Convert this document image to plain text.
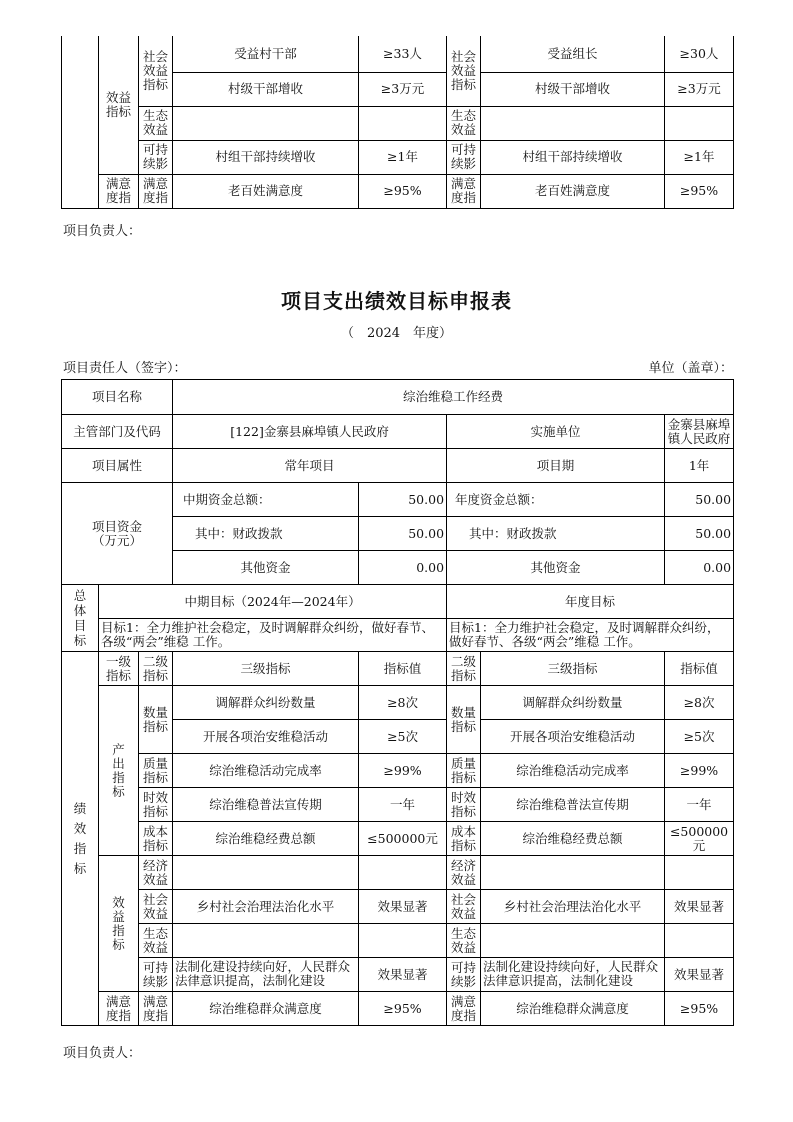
	效益指标	社会效益指标	受益村干部	≥33人	社会效益指标	受益组长	≥30人
			村级干部增收	≥3万元		村级干部增收	≥3万元
		生态效益			生态效益		
		可持续影	村组干部持续增收	≥1年	可持续影	村组干部持续增收	≥1年
	满意度指	满意度指	老百姓满意度	≥95%	满意度指	老百姓满意度	≥95%
项目负责人：
项目支出绩效目标申报表
（　2024　年度）
项目责任人（签字）：	单位（盖章）：
项目名称			综治维稳工作经费				
主管部门及代码			[122]金寨县麻埠镇人民政府		实施单位		金寨县麻埠镇人民政府
项目属性			常年项目		项目期		1年
项目资金（万元）			中期资金总额：	50.00	年度资金总额：		50.00
			其中：财政拨款	50.00	其中：财政拨款		50.00
			其他资金	0.00	其他资金		0.00
总体目标	中期目标（2024年—2024年）				年度目标		
	目标1：全力维护社会稳定，及时调解群众纠纷，做好春节、各级“两会”维稳 工作。				目标1：全力维护社会稳定，及时调解群众纠纷，做好春节、各级“两会”维稳 工作。		
绩效指标	一级指标	二级指标	三级指标	指标值	二级指标	三级指标	指标值
	产出指标	数量指标	调解群众纠纷数量	≥8次	数量指标	调解群众纠纷数量	≥8次
			开展各项治安维稳活动	≥5次		开展各项治安维稳活动	≥5次
		质量指标	综治维稳活动完成率	≥99%	质量指标	综治维稳活动完成率	≥99%
		时效指标	综治维稳普法宣传期	一年	时效指标	综治维稳普法宣传期	一年
		成本指标	综治维稳经费总额	≤500000元	成本指标	综治维稳经费总额	≤500000元
	效益指标	经济效益			经济效益		
		社会效益	乡村社会治理法治化水平	效果显著	社会效益	乡村社会治理法治化水平	效果显著
		生态效益			生态效益		
		可持续影	法制化建设持续向好，人民群众法律意识提高，法制化建设	效果显著	可持续影	法制化建设持续向好，人民群众法律意识提高，法制化建设	效果显著
	满意度指	满意度指	综治维稳群众满意度	≥95%	满意度指	综治维稳群众满意度	≥95%
项目负责人：
